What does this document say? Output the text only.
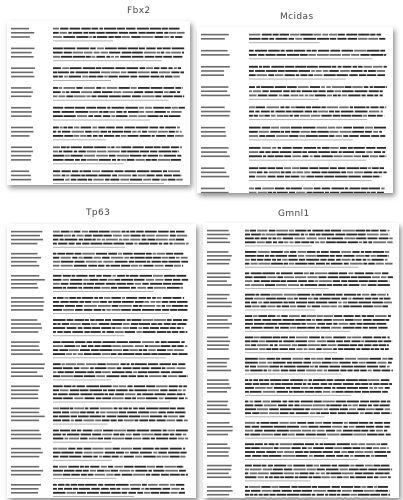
Fbx2
Mcidas
Tp63	Gmnl1
